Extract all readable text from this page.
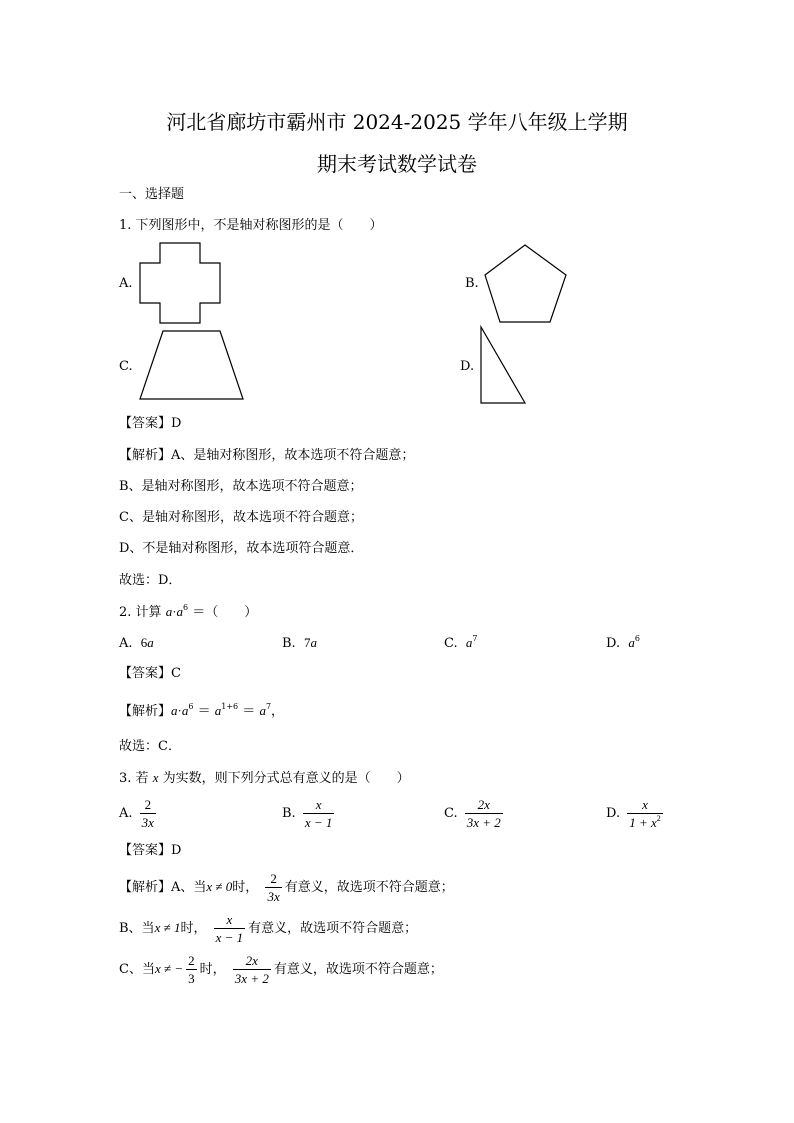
河北省廊坊市霸州市 2024-2025 学年八年级上学期
期末考试数学试卷
一、选择题
1. 下列图形中，不是轴对称图形的是（　　）
A.	B.
C.	D.
【答案】D
【解析】A、是轴对称图形，故本选项不符合题意；
B、是轴对称图形，故本选项不符合题意；
C、是轴对称图形，故本选项不符合题意；
D、不是轴对称图形，故本选项符合题意．
故选：D．
2. 计算 $a\cdot a^6$ ＝（　　）
A. 6a	B. 7a	C. $a^7$	D. $a^6$
【答案】C
【解析】$a\cdot a^6 = a^{1+6} = a^7$，
故选：C．
3. 若 x 为实数，则下列分式总有意义的是（　　）
A. $\frac{2}{3x}$	B. $\frac{x}{x - 1}$	C. $\frac{2x}{3x + 2}$	D. $\frac{x}{1 + x^2}$
【答案】D
【解析】A、当x ≠ 0时， $\frac{2}{3x}$ 有意义，故选项不符合题意；
B、当x ≠ 1时， $\frac{x}{x - 1}$ 有意义，故选项不符合题意；
C、当x ≠ − $\frac{2}{3}$ 时， $\frac{2x}{3x + 2}$ 有意义，故选项不符合题意；
